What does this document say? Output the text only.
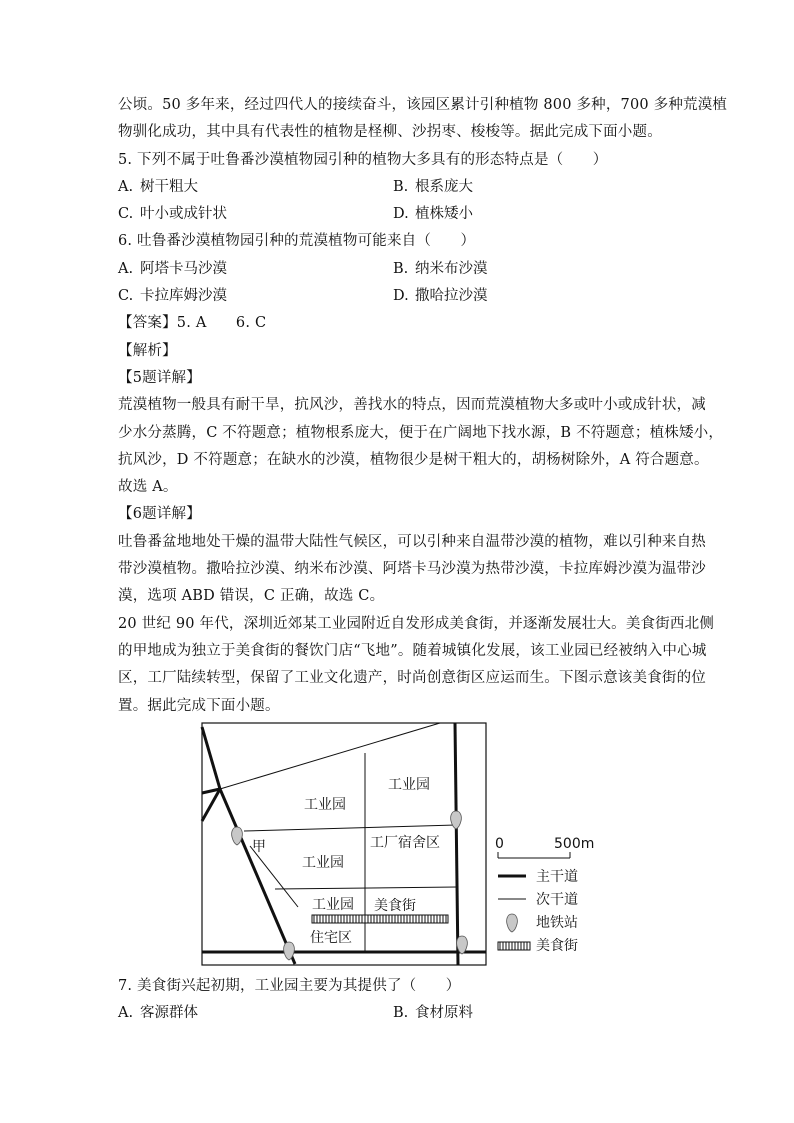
公顷。50 多年来，经过四代人的接续奋斗，该园区累计引种植物 800 多种，700 多种荒漠植
物驯化成功，其中具有代表性的植物是柽柳、沙拐枣、梭梭等。据此完成下面小题。
5. 下列不属于吐鲁番沙漠植物园引种的植物大多具有的形态特点是（　　）
A. 树干粗大	B. 根系庞大
C. 叶小或成针状	D. 植株矮小
6. 吐鲁番沙漠植物园引种的荒漠植物可能来自（　　）
A. 阿塔卡马沙漠	B. 纳米布沙漠
C. 卡拉库姆沙漠	D. 撒哈拉沙漠
【答案】5. A　　6. C
【解析】
【5题详解】
荒漠植物一般具有耐干旱，抗风沙，善找水的特点，因而荒漠植物大多或叶小或成针状，减
少水分蒸腾，C 不符题意；植物根系庞大，便于在广阔地下找水源，B 不符题意；植株矮小，
抗风沙，D 不符题意；在缺水的沙漠，植物很少是树干粗大的，胡杨树除外，A 符合题意。
故选 A。
【6题详解】
吐鲁番盆地地处干燥的温带大陆性气候区，可以引种来自温带沙漠的植物，难以引种来自热
带沙漠植物。撒哈拉沙漠、纳米布沙漠、阿塔卡马沙漠为热带沙漠，卡拉库姆沙漠为温带沙
漠，选项 ABD 错误，C 正确，故选 C。
20 世纪 90 年代，深圳近郊某工业园附近自发形成美食街，并逐渐发展壮大。美食街西北侧
的甲地成为独立于美食街的餐饮门店“飞地”。随着城镇化发展，该工业园已经被纳入中心城
区，工厂陆续转型，保留了工业文化遗产，时尚创意街区应运而生。下图示意该美食街的位
置。据此完成下面小题。
工业园
工业园
工业园
工业园
工厂宿舍区
甲
美食街
住宅区
0	500m
主干道
次干道
地铁站
美食街
7. 美食街兴起初期，工业园主要为其提供了（　　）
A. 客源群体	B. 食材原料
